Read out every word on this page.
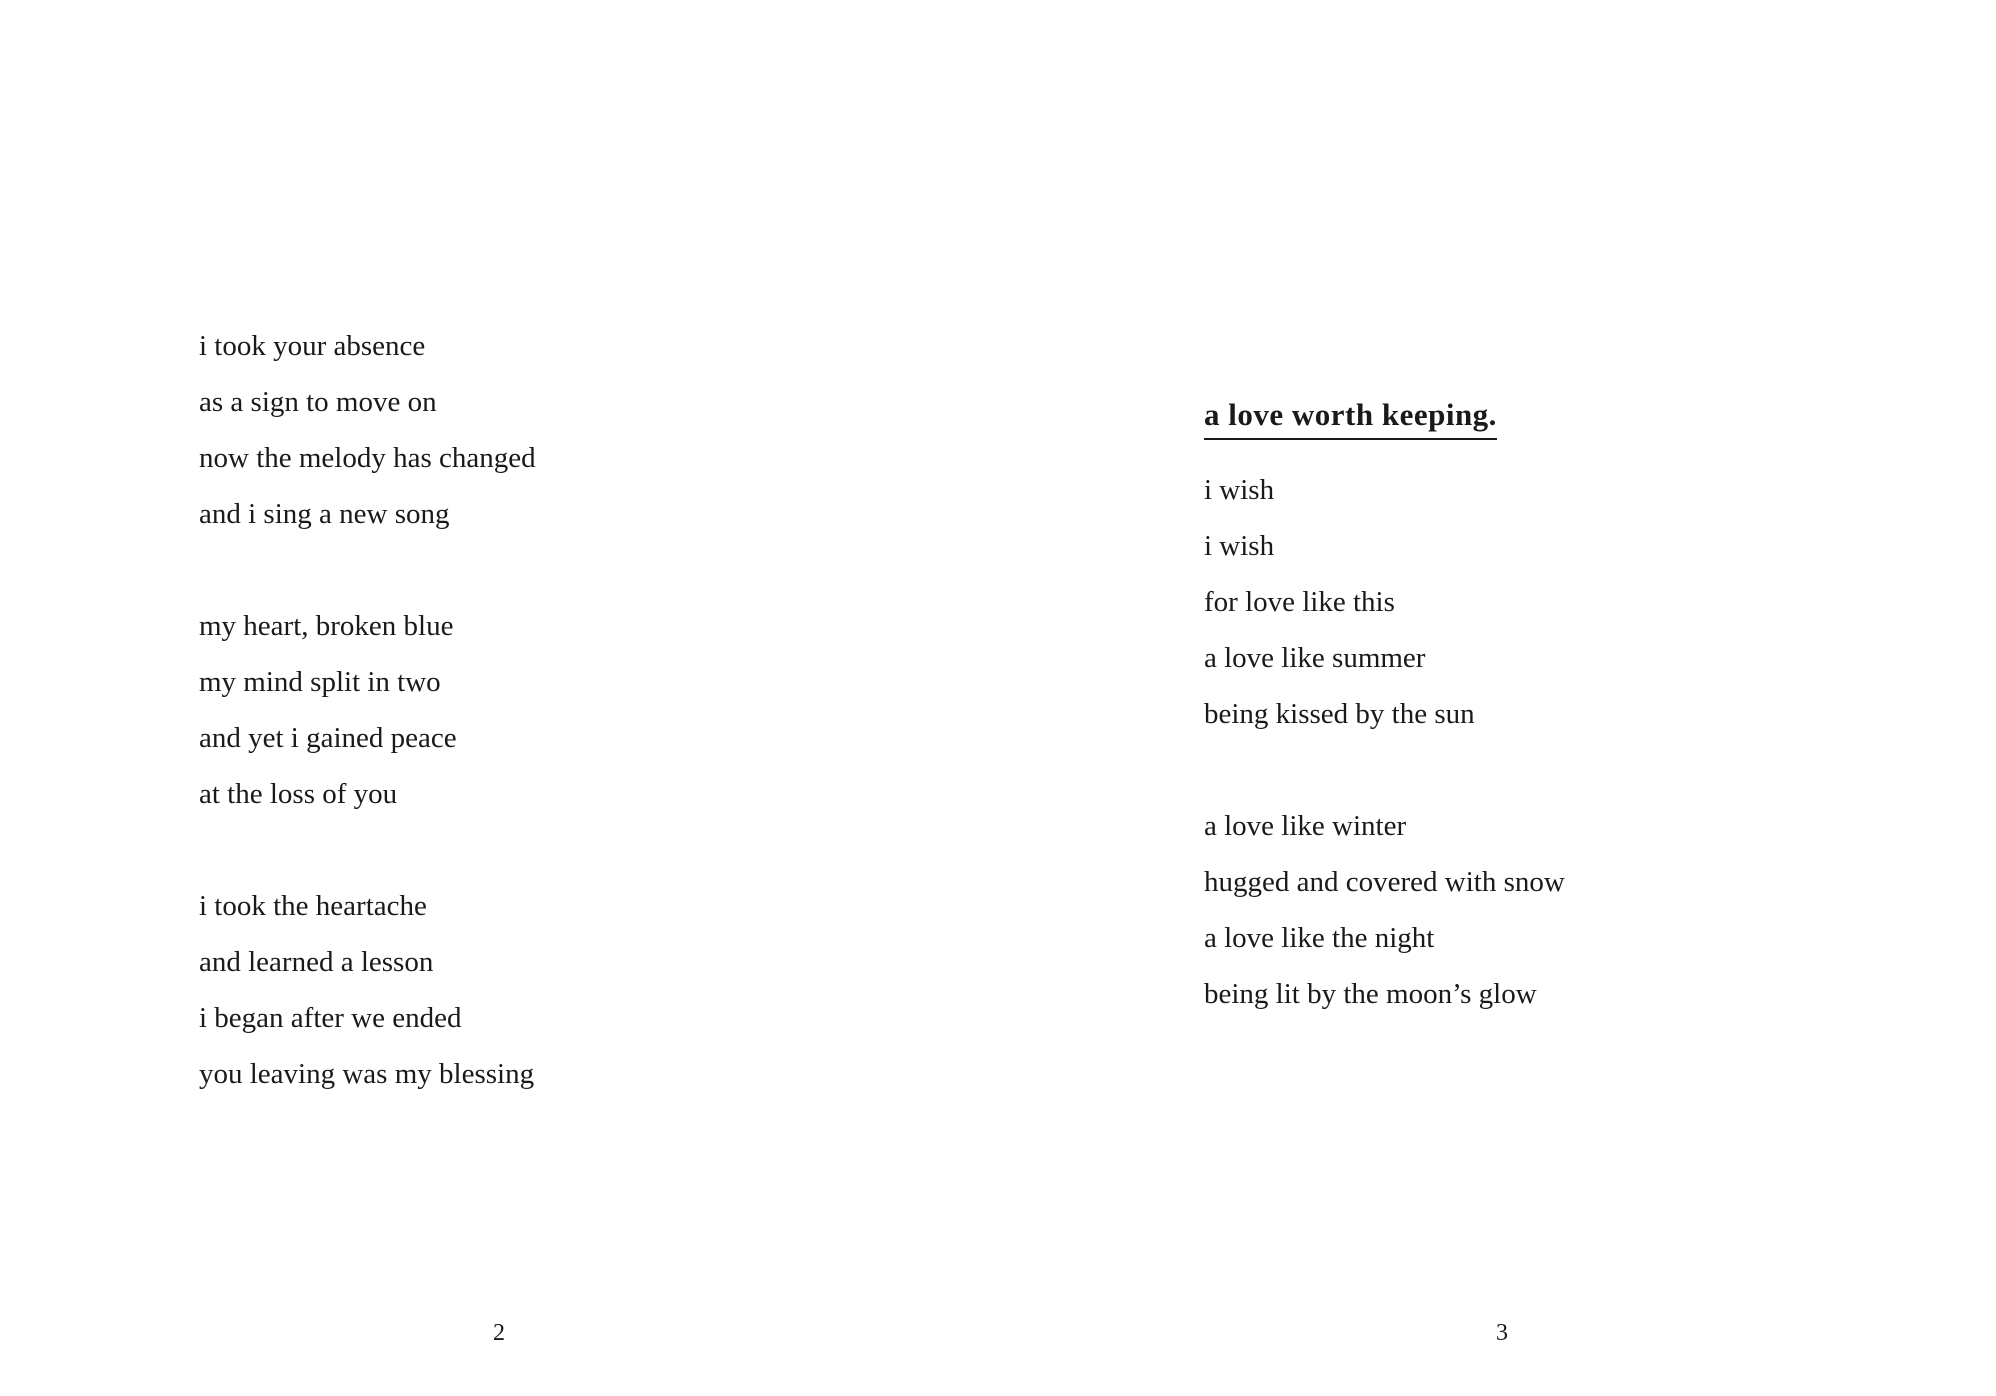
i took your absence
as a sign to move on
now the melody has changed
and i sing a new song
my heart, broken blue
my mind split in two
and yet i gained peace
at the loss of you
i took the heartache
and learned a lesson
i began after we ended
you leaving was my blessing
2
a love worth keeping.
i wish
i wish
for love like this
a love like summer
being kissed by the sun
a love like winter
hugged and covered with snow
a love like the night
being lit by the moon’s glow
3
